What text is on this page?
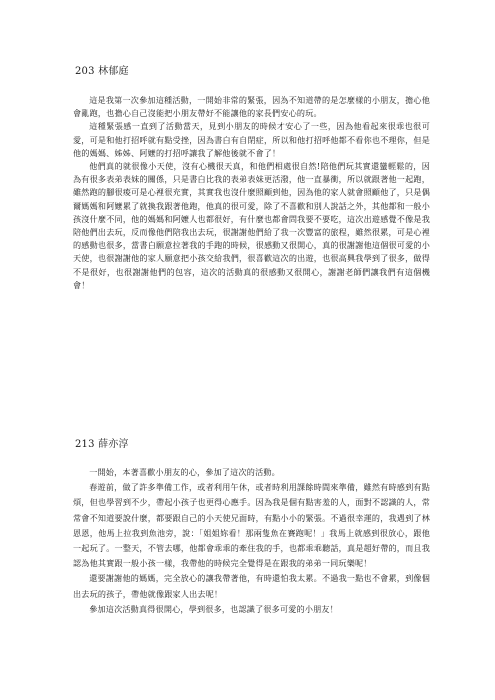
203 林郁庭

這是我第一次參加這種活動，一開始非常的緊張，因為不知道帶的是怎麼樣的小朋友，擔心他會亂跑，也擔心自己沒能把小朋友帶好不能讓他的家長們安心的玩。

這種緊張感一直到了活動當天，見到小朋友的時候才安心了一些，因為他看起來很乖也很可愛，可是和他打招呼就有點受挫，因為書白有自閉症，所以和他打招呼他都不看你也不理你，但是他的媽媽、姊姊、阿嬤的打招呼讓我了解他後就不會了！

他們真的就很像小天使，沒有心機很天真，和他們相處很自然!陪他們玩其實還蠻輕鬆的，因為有很多表弟表妹的關係，只是書白比我的表弟表妹更活潑，他一直暴衝，所以就跟著他一起跑，雖然跑的腳很痠可是心裡很充實，其實我也沒什麼照顧到他，因為他的家人就會照顧他了，只是偶爾媽媽和阿嬤累了就換我跟著他跑，他真的很可愛，除了不喜歡和別人說話之外，其他都和一般小孩沒什麼不同，他的媽媽和阿嬤人也都很好，有什麼也都會問我要不要吃，這次出遊感覺不像是我陪他們出去玩，反而像他們陪我出去玩，很謝謝他們給了我一次豐富的旅程，雖然很累，可是心裡的感動也很多，當書白願意拉著我的手跑的時候，很感動又很開心，真的很謝謝他這個很可愛的小天使，也很謝謝他的家人願意把小孩交給我們，很喜歡這次的出遊，也很高興我學到了很多，做得不是很好，也很謝謝他們的包容，這次的活動真的很感動又很開心，謝謝老師們讓我們有這個機會！

213 薛亦淳

一開始，本著喜歡小朋友的心，參加了這次的活動。

春遊前，做了許多準備工作，或者利用午休，或者時利用課餘時間來準備，雖然有時感到有點煩，但也學習到不少，帶起小孩子也更得心應手。因為我是個有點害羞的人，面對不認識的人，常常會不知道要說什麼，都要跟自己的小天使兄面時，有點小小的緊張。不過很幸運的，我遇到了林恩恩，他馬上拉我到魚池旁，說：「姐姐妳看！那兩隻魚在賽跑呢！」我馬上就感到很放心，跟他一起玩了。一整天，不管去哪，他都會乖乖的牽住我的手，也都乖乖聽話，真是超好帶的，而且我認為他其實跟一般小孩一樣，我帶他的時候完全覺得是在跟我的弟弟一同玩樂呢！

還要謝謝他的媽媽，完全放心的讓我帶著他，有時還怕我太累。不過我一點也不會累，到像個出去玩的孩子，帶他就像跟家人出去呢！

參加這次活動真得很開心，學到很多，也認識了很多可愛的小朋友！
